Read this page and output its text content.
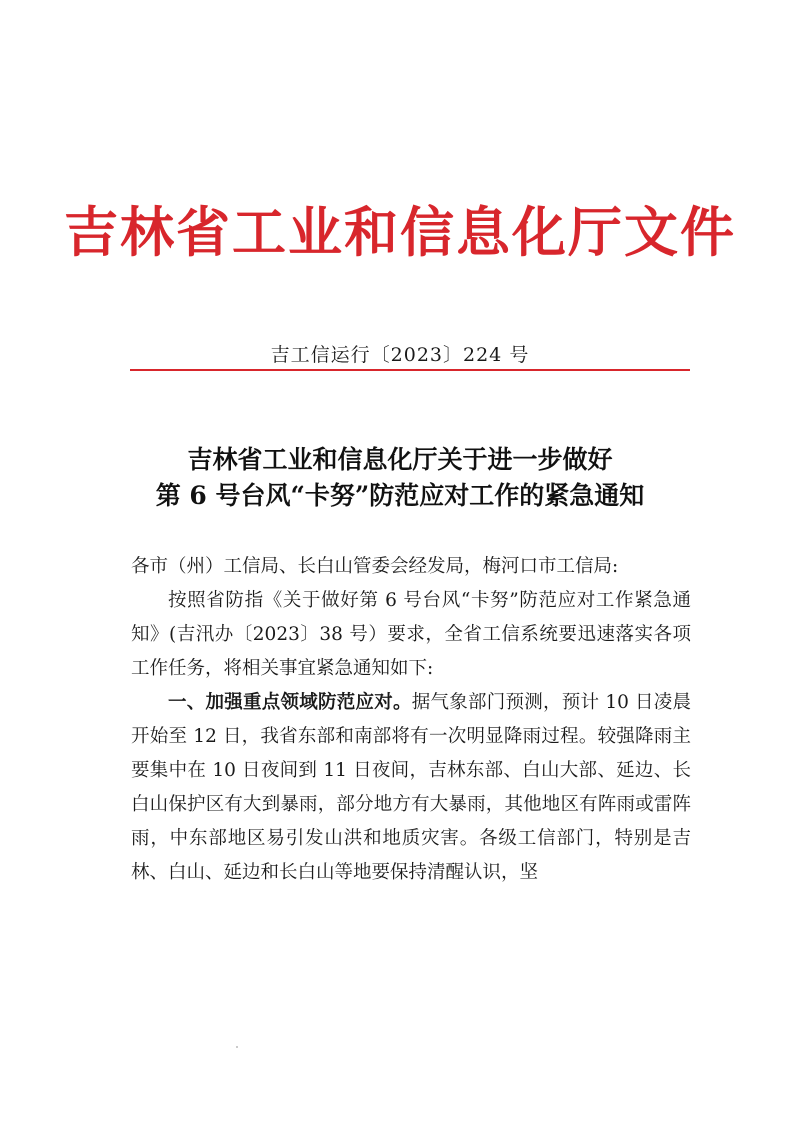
吉林省工业和信息化厅文件
吉工信运行〔2023〕224 号
吉林省工业和信息化厅关于进一步做好
第 6 号台风“卡努”防范应对工作的紧急通知

各市（州）工信局、长白山管委会经发局，梅河口市工信局:

按照省防指《关于做好第 6 号台风“卡努”防范应对工作紧急通知》(吉汛办〔2023〕38 号）要求，全省工信系统要迅速落实各项工作任务，将相关事宜紧急通知如下:

一、加强重点领域防范应对。据气象部门预测，预计 10 日凌晨开始至 12 日，我省东部和南部将有一次明显降雨过程。较强降雨主要集中在 10 日夜间到 11 日夜间，吉林东部、白山大部、延边、长白山保护区有大到暴雨，部分地方有大暴雨，其他地区有阵雨或雷阵雨，中东部地区易引发山洪和地质灾害。各级工信部门，特别是吉林、白山、延边和长白山等地要保持清醒认识，坚
